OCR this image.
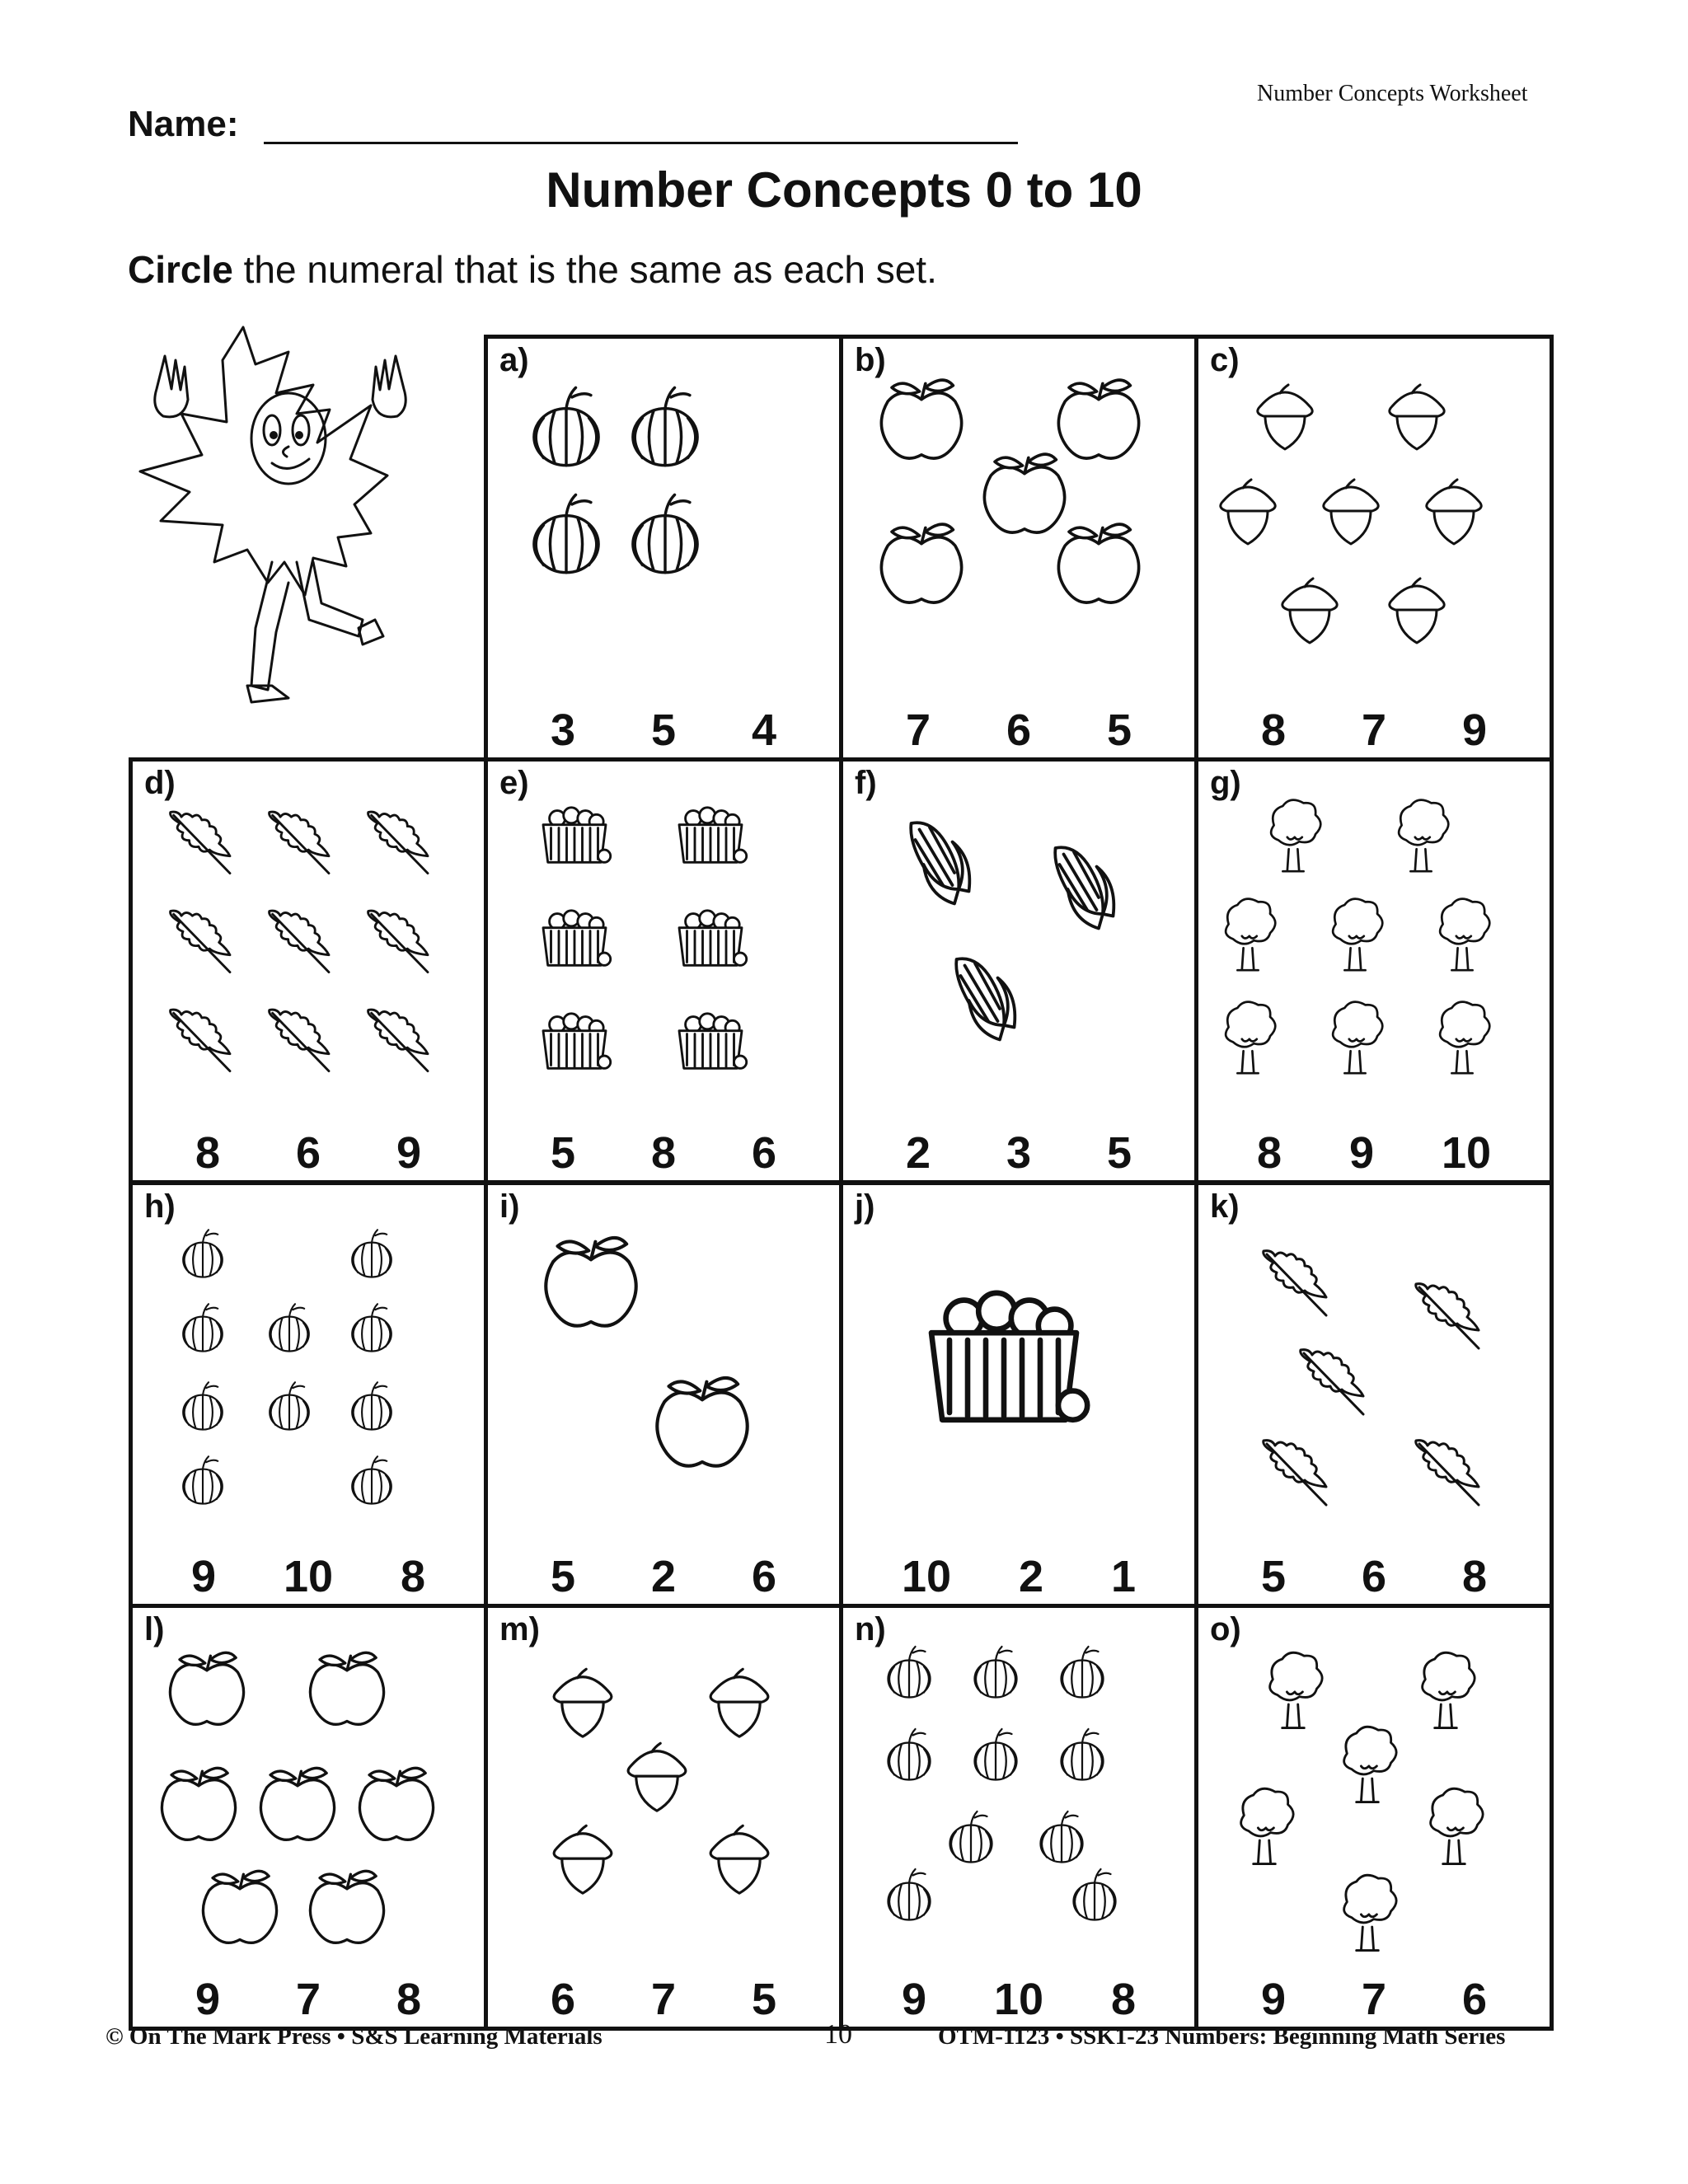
Number Concepts Worksheet
Name:
Number Concepts 0 to 10
Circle the numeral that is the same as each set.
a)
3 5 4
b)
7 6 5
c)
8 7 9
d)
8 6 9
e)
5 8 6
f)
2 3 5
g)
8 9 10
h)
9 10 8
i)
5 2 6
j)
10 2 1
k)
5 6 8
l)
9 7 8
m)
6 7 5
n)
9 10 8
o)
9 7 6
© On The Mark Press • S&S Learning Materials	10	OTM-1123 • SSK1-23 Numbers: Beginning Math Series
